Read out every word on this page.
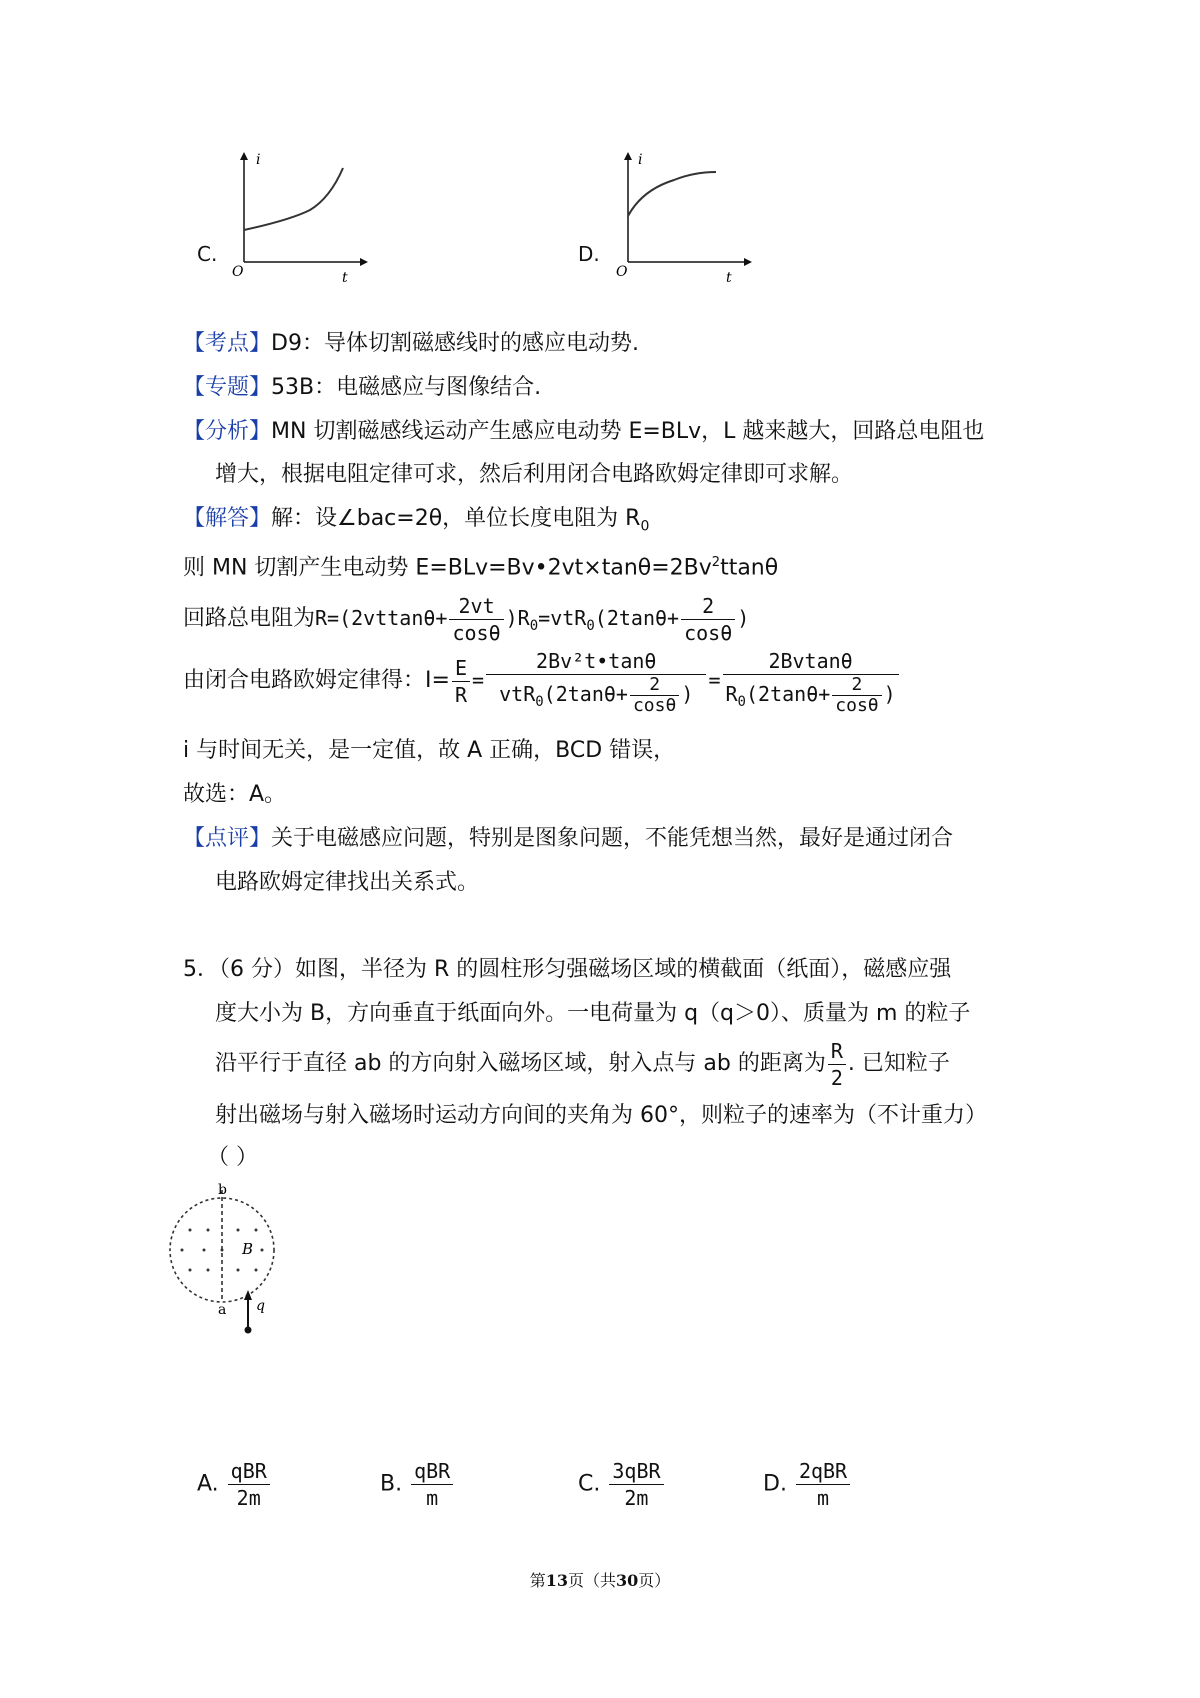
i
t
O
C.
i
t
O
D.
【考点】D9：导体切割磁感线时的感应电动势.
【专题】53B：电磁感应与图像结合.
【分析】MN 切割磁感线运动产生感应电动势 E=BLv，L 越来越大，回路总电阻也
增大，根据电阻定律可求，然后利用闭合电路欧姆定律即可求解。
【解答】解：设∠bac=2θ，单位长度电阻为 $R_0$
则 MN 切割产生电动势 $E=BLv=Bv•2vt\times\tan\theta=2Bv^2ttan\theta$
回路总电阻为$R=(2vttan\theta+ \frac{2vt}{\cos\theta} )R_0=vtR_0(2\tan\theta+ \frac{2}{\cos\theta}$ )
由闭合电路欧姆定律得：$I= \frac{E}{R} = \frac{\text{2Bv²t•tanθ}}{vtR_0(2\tan\theta+ \frac{2}{\cos\theta} )} = \frac{2Bvtan\theta}{R_0(2\tan\theta+ \frac{2}{\cos\theta} )}$
i 与时间无关，是一定值，故 A 正确，BCD 错误，
故选：A。
【点评】关于电磁感应问题，特别是图象问题，不能凭想当然，最好是通过闭合
电路欧姆定律找出关系式。
5．（6 分）如图，半径为 R 的圆柱形匀强磁场区域的横截面（纸面），磁感应强
度大小为 B，方向垂直于纸面向外。一电荷量为 q（q＞0）、质量为 m 的粒子
沿平行于直径 ab 的方向射入磁场区域，射入点与 ab 的距离为 $\frac{R}{2}$ . 已知粒子
射出磁场与射入磁场时运动方向间的夹角为 60°，则粒子的速率为（不计重力）
（ ）
b
a
B
q
A. $\frac{\text{qBR}}{2m}$	B. $\frac{\text{qBR}}{m}$	C. $\frac{\text{3qBR}}{2m}$	D. $\frac{\text{2qBR}}{m}$
第13页（共30页）
